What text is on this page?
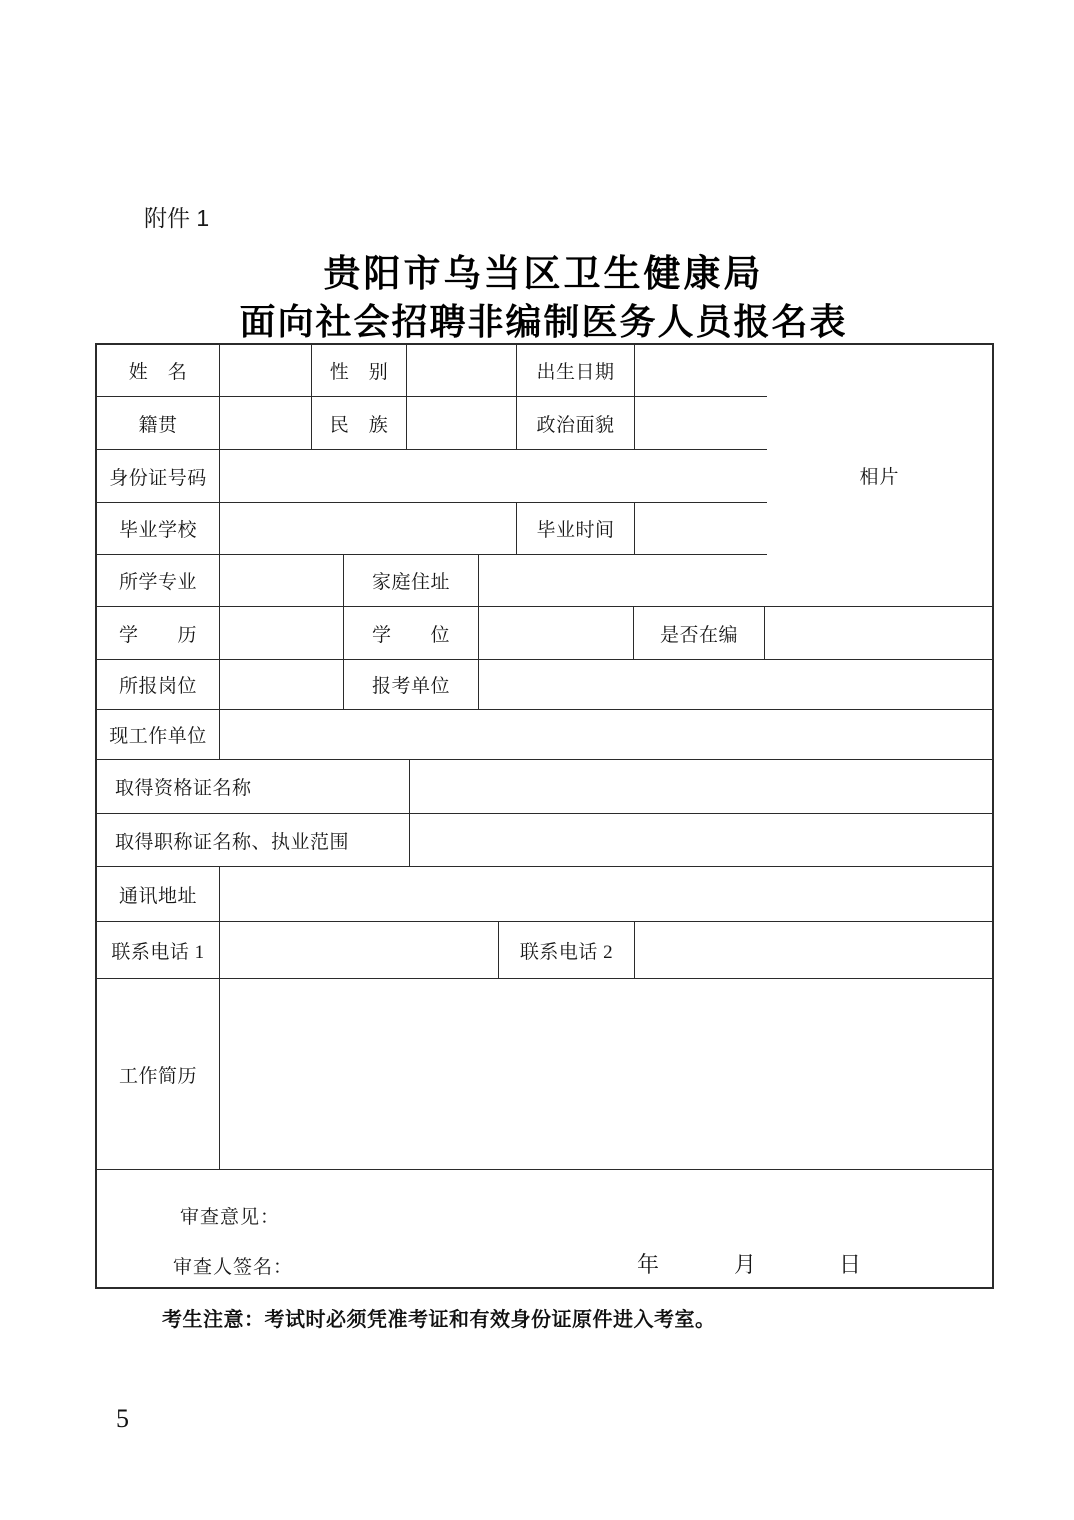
附件 1
贵阳市乌当区卫生健康局
面向社会招聘非编制医务人员报名表
姓　名	性　别	出生日期
籍贯	民　族	政治面貌
身份证号码
毕业学校	毕业时间
所学专业	家庭住址
相片
学　　历	学　　位	是否在编
所报岗位	报考单位
现工作单位
取得资格证名称
取得职称证名称、执业范围
通讯地址
联系电话 1	联系电话 2
工作简历
审查意见：
审查人签名：	年	月	日
考生注意：考试时必须凭准考证和有效身份证原件进入考室。
5
